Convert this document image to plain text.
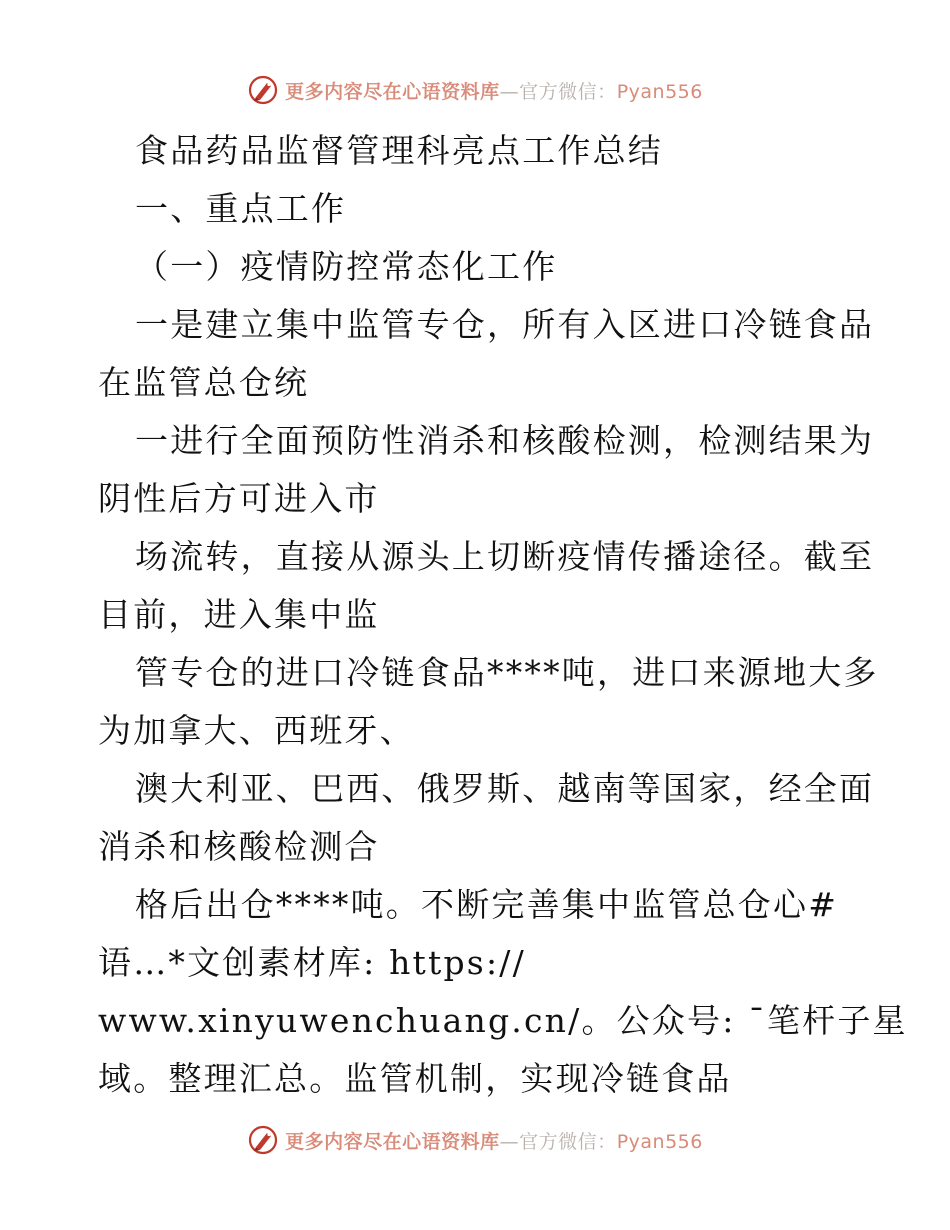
更多内容尽在心语资料库—官方微信：Pyan556
食品药品监督管理科亮点工作总结
一、重点工作
（一）疫情防控常态化工作
一是建立集中监管专仓，所有入区进口冷链食品
在监管总仓统
一进行全面预防性消杀和核酸检测，检测结果为
阴性后方可进入市
场流转，直接从源头上切断疫情传播途径。截至
目前，进入集中监
管专仓的进口冷链食品****吨，进口来源地大多
为加拿大、西班牙、
澳大利亚、巴西、俄罗斯、越南等国家，经全面
消杀和核酸检测合
格后出仓****吨。不断完善集中监管总仓心#
语…*文创素材库: https://
www.xinyuwenchuang.cn/。公众号: ¯笔杆子星
域。整理汇总。监管机制，实现冷链食品
更多内容尽在心语资料库—官方微信：Pyan556
